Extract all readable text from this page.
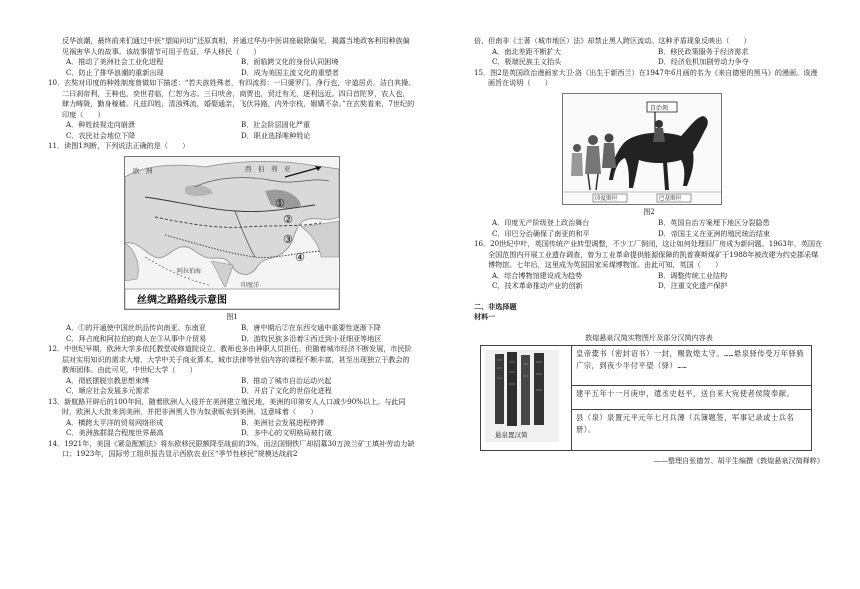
反华浪潮，最终前来们通过中医“望闻问切”还原真相，并通过华办中医讲座破除偏见，揭露当地政客利用种族偏见祸害华人的故事。该故事情节可用于佐证，华人移民（　　）

A．推动了美洲社会工业化进程	B．面临跨文化的身份认同困境
C．防止了排华浪潮的重新出现	D．成为美国主流文化的重塑者

10．玄奘对印度的种姓制度曾做如下描述：“若夫族姓殊者，有四流焉：一曰婆罗门，净行也，守道居贞，洁白其操。二曰刹帝利，王种也，奕世君临，仁恕为志。三曰吠舍，商贾也，贸迁有无，逐利远近。四曰首陀罗，农人也，肆力畴陇，勤身稼穑。凡兹四姓，清浊殊流，婚娶通亲，飞伏异路，内外宗枝，姻媾不杂。”在玄奘看来，7世纪的印度（　　）

A．种姓歧视走向崩溃	B．社会阶层固化严重
C．农民社会地位下降	D．职业选择唯种姓论

11．读图1判断，下列说法正确的是（　　）

欧　洲	西　伯　利　亚
阿拉伯海
印度洋
①
②
③
④
丝绸之路路线示意图

图1

A．①的开通使中国丝织品传向南亚、东南亚	B．唐中期后②在东西交通中重要性逐渐下降
C．拜占庭和阿拉伯的商人在③从事中介贸易	D．游牧民族多沿着④西迁到小亚细亚等地区

12．中世纪早期，欧洲大学多依托教堂或修道院设立，教师也多由神职人员担任。但随着城市经济不断发展，市民阶层对实用知识的需求大增，大学中关于商业算术、城市法律等世俗内容的课程不断丰富，甚至出现独立于教会的教师团体。由此可见，中世纪大学（　　）

A．彻底摆脱宗教思想束缚	B．推动了城市自治运动兴起
C．顺应社会发展多元需求	D．开启了文化的世俗化进程

13．新航路开辟后的100年间，随着欧洲人入侵并在美洲建立殖民地，美洲的印第安人人口减少90%以上。与此同时，欧洲人大批来到美洲，并把非洲黑人作为奴隶贩卖到美洲，这意味着（　　）

A．横跨太平洋的贸易网络形成	B．美洲社会发展进程停滞
C．美洲族群混合程度世界最高	D．多中心的文明格局被打破

14．1921年，美国《紧急配额法》将东欧移民限额降至战前的3%，而法国钢铁厂却招募30万波兰矿工填补劳动力缺口；1923年，国际劳工组织报告显示西欧农业区“季节性移民”规模达战前2

倍，但南非《土著（城市地区）法》却禁止黑人跨区流动。这种矛盾现象反映出（　　）

A．南北差距不断扩大	B．移民政策服务于经济需求
C．极端民族主义抬头	D．经济危机加剧劳动力争夺

15．图2是英国政治漫画家大卫·洛（出生于新西兰）在1947年6月画的名为《来自德里的黑马》的漫画。该漫画旨在说明（　　）

自治领
印度斯坦	巴基斯坦

图2

A．印度无产阶级登上政治舞台	B．英国自治方案埋下地区分裂隐患
C．印巴分治确保了南亚的和平	D．帝国主义在亚洲的殖民统治结束

16．20世纪中叶，英国传统产业转型调整，不少工厂倒闭，这让如何处理旧厂房成为新问题。1963年，英国在全国范围内开展工业遗存调查，曾为工业革命提供能源保障的凯普赛斯煤矿于1988年被改建为约克郡采煤博物馆。七年后，这里成为英国国家采煤博物馆。由此可知，英国（　　）

A．综合博物馆建设成为趋势	B．调整传统工业结构
C．技术革命推动产业的创新	D．注重文化遗产保护

二、非选择题

材料一

敦煌悬泉汉简实物图片及部分汉简内容表

悬泉置汉简
	皇帝橐书（密封诏书）一封，赐敦煌太守。……悬泉驿传受万年驿骑广宗，到夜少半付平望（驿）……
建平五年十一月庚申，遣丞史赵平，送自来大宛使者侯陵奉献。
县（泉）泉置元平元年七月兵薄（兵簿题签，军事记录或士兵名册）。

——整理自张德芳、胡平生编撰《敦煌悬泉汉简释粹》
